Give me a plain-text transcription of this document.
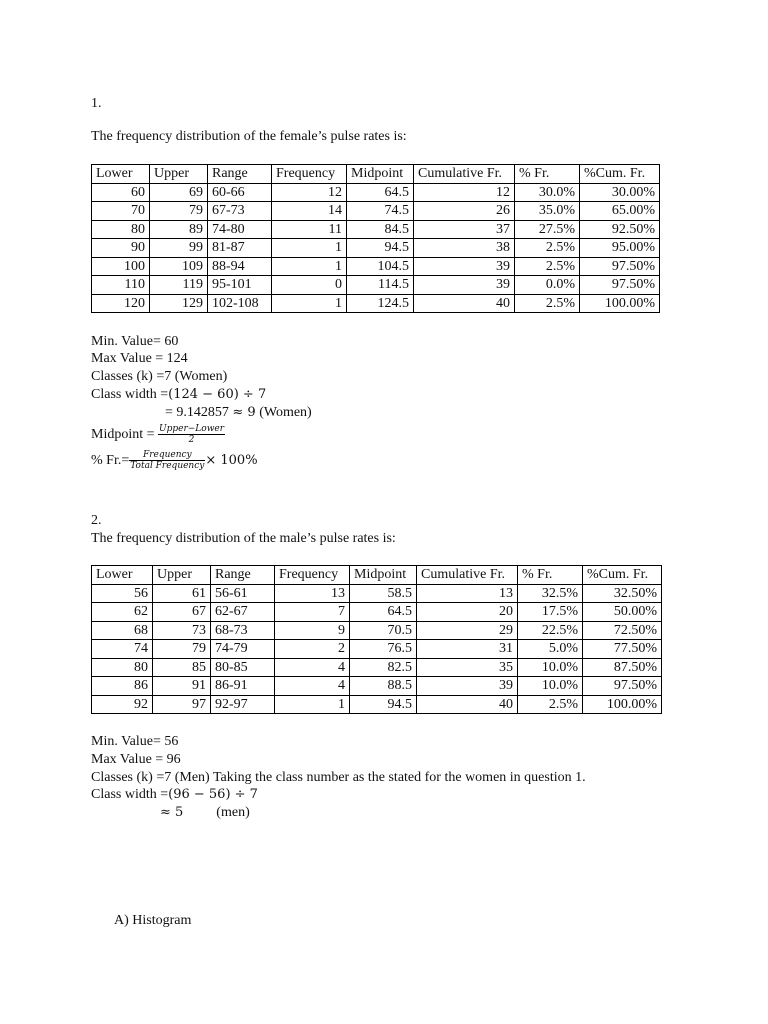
1.
The frequency distribution of the female’s pulse rates is:
Lower	Upper	Range	Frequency	Midpoint	Cumulative Fr.	% Fr.	%Cum. Fr.
60	69	60-66	12	64.5	12	30.0%	30.00%
70	79	67-73	14	74.5	26	35.0%	65.00%
80	89	74-80	11	84.5	37	27.5%	92.50%
90	99	81-87	1	94.5	38	2.5%	95.00%
100	109	88-94	1	104.5	39	2.5%	97.50%
110	119	95-101	0	114.5	39	0.0%	97.50%
120	129	102-108	1	124.5	40	2.5%	100.00%
Min. Value= 60
Max Value = 124
Classes (k) =7 (Women)
Class width =(124 − 60) ÷ 7
= 9.142857 ≈ 9 (Women)
Midpoint = $\frac{\text{Upper−Lower}}{2}$
% $Fr.= \frac{\text{Frequency}}{\text{Total Frequency}} \times 100\%$
2.
The frequency distribution of the male’s pulse rates is:
Lower	Upper	Range	Frequency	Midpoint	Cumulative Fr.	% Fr.	%Cum. Fr.
56	61	56-61	13	58.5	13	32.5%	32.50%
62	67	62-67	7	64.5	20	17.5%	50.00%
68	73	68-73	9	70.5	29	22.5%	72.50%
74	79	74-79	2	76.5	31	5.0%	77.50%
80	85	80-85	4	82.5	35	10.0%	87.50%
86	91	86-91	4	88.5	39	10.0%	97.50%
92	97	92-97	1	94.5	40	2.5%	100.00%
Min. Value= 56
Max Value = 96
Classes (k) =7 (Men) Taking the class number as the stated for the women in question 1.
Class width =(96 − 56) ÷ 7
≈ 5 (men)
A) Histogram
